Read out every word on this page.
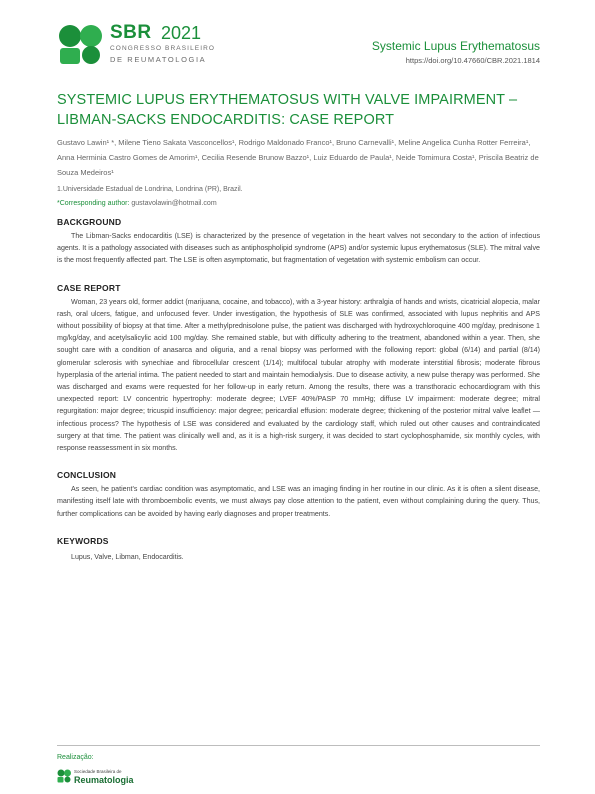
SBR 2021
CONGRESSO BRASILEIRO
DE REUMATOLOGIA
Systemic Lupus Erythematosus
https://doi.org/10.47660/CBR.2021.1814
SYSTEMIC LUPUS ERYTHEMATOSUS WITH VALVE IMPAIRMENT – LIBMAN-SACKS ENDOCARDITIS: CASE REPORT
Gustavo Lawin¹ *, Milene Tieno Sakata Vasconcellos¹, Rodrigo Maldonado Franco¹, Bruno Carnevalli¹, Meline Angelica Cunha Rotter Ferreira¹, Anna Herminia Castro Gomes de Amorim¹, Cecilia Resende Brunow Bazzo¹, Luiz Eduardo de Paula¹, Neide Tomimura Costa¹, Priscila Beatriz de Souza Medeiros¹
1.Universidade Estadual de Londrina, Londrina (PR), Brazil.
*Corresponding author: gustavolawin@hotmail.com
BACKGROUND
The Libman-Sacks endocarditis (LSE) is characterized by the presence of vegetation in the heart valves not secondary to the action of infectious agents. It is a pathology associated with diseases such as antiphospholipid syndrome (APS) and/or systemic lupus erythematosus (SLE). The mitral valve is the most frequently affected part. The LSE is often asymptomatic, but fragmentation of vegetation with systemic embolism can occur.
CASE REPORT
Woman, 23 years old, former addict (marijuana, cocaine, and tobacco), with a 3-year history: arthralgia of hands and wrists, cicatricial alopecia, malar rash, oral ulcers, fatigue, and unfocused fever. Under investigation, the hypothesis of SLE was confirmed, associated with lupus nephritis and APS without possibility of biopsy at that time. After a methylprednisolone pulse, the patient was discharged with hydroxychloroquine 400 mg/day, prednisone 1 mg/kg/day, and acetylsalicylic acid 100 mg/day. She remained stable, but with difficulty adhering to the treatment, abandoned within a year. Then, she sought care with a condition of anasarca and oliguria, and a renal biopsy was performed with the following report: global (6/14) and partial (8/14) glomerular sclerosis with synechiae and fibrocellular crescent (1/14); multifocal tubular atrophy with moderate interstitial fibrosis; moderate fibrous hyperplasia of the arterial intima. The patient needed to start and maintain hemodialysis. Due to disease activity, a new pulse therapy was performed. She was discharged and exams were requested for her follow-up in early return. Among the results, there was a transthoracic echocardiogram with this unexpected report: LV concentric hypertrophy: moderate degree; LVEF 40%/PASP 70 mmHg; diffuse LV impairment: moderate degree; mitral regurgitation: major degree; tricuspid insufficiency: major degree; pericardial effusion: moderate degree; thickening of the posterior mitral valve leaflet — infectious process? The hypothesis of LSE was considered and evaluated by the cardiology staff, which ruled out other causes and contraindicated surgery at that time. The patient was clinically well and, as it is a high-risk surgery, it was decided to start cyclophosphamide, six monthly cycles, with response reassessment in six months.
CONCLUSION
As seen, he patient's cardiac condition was asymptomatic, and LSE was an imaging finding in her routine in our clinic. As it is often a silent disease, manifesting itself late with thromboembolic events, we must always pay close attention to the patient, even without complaining during the query. Thus, further complications can be avoided by having early diagnoses and proper treatments.
KEYWORDS
Lupus, Valve, Libman, Endocarditis.
Realização:
Sociedade Brasileira de
Reumatologia
